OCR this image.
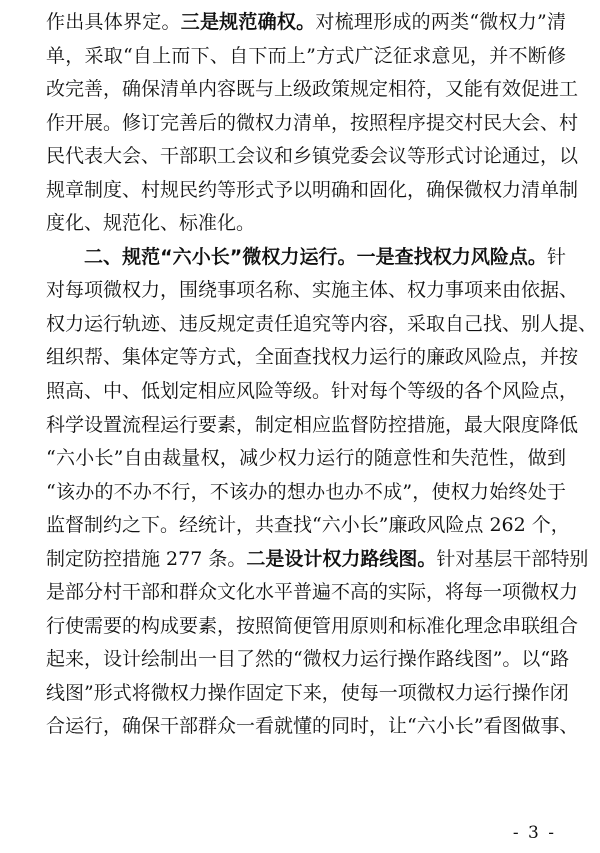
作出具体界定。三是规范确权。对梳理形成的两类“微权力”清
单，采取“自上而下、自下而上”方式广泛征求意见，并不断修
改完善，确保清单内容既与上级政策规定相符，又能有效促进工
作开展。修订完善后的微权力清单，按照程序提交村民大会、村
民代表大会、干部职工会议和乡镇党委会议等形式讨论通过，以
规章制度、村规民约等形式予以明确和固化，确保微权力清单制
度化、规范化、标准化。
二、规范“六小长”微权力运行。一是查找权力风险点。针
对每项微权力，围绕事项名称、实施主体、权力事项来由依据、
权力运行轨迹、违反规定责任追究等内容，采取自己找、别人提、
组织帮、集体定等方式，全面查找权力运行的廉政风险点，并按
照高、中、低划定相应风险等级。针对每个等级的各个风险点，
科学设置流程运行要素，制定相应监督防控措施，最大限度降低
“六小长”自由裁量权，减少权力运行的随意性和失范性，做到
“该办的不办不行，不该办的想办也办不成”，使权力始终处于
监督制约之下。经统计，共查找“六小长”廉政风险点 262 个，
制定防控措施 277 条。二是设计权力路线图。针对基层干部特别
是部分村干部和群众文化水平普遍不高的实际，将每一项微权力
行使需要的构成要素，按照简便管用原则和标准化理念串联组合
起来，设计绘制出一目了然的“微权力运行操作路线图”。以“路
线图”形式将微权力操作固定下来，使每一项微权力运行操作闭
合运行，确保干部群众一看就懂的同时，让“六小长”看图做事、
- 3 -
